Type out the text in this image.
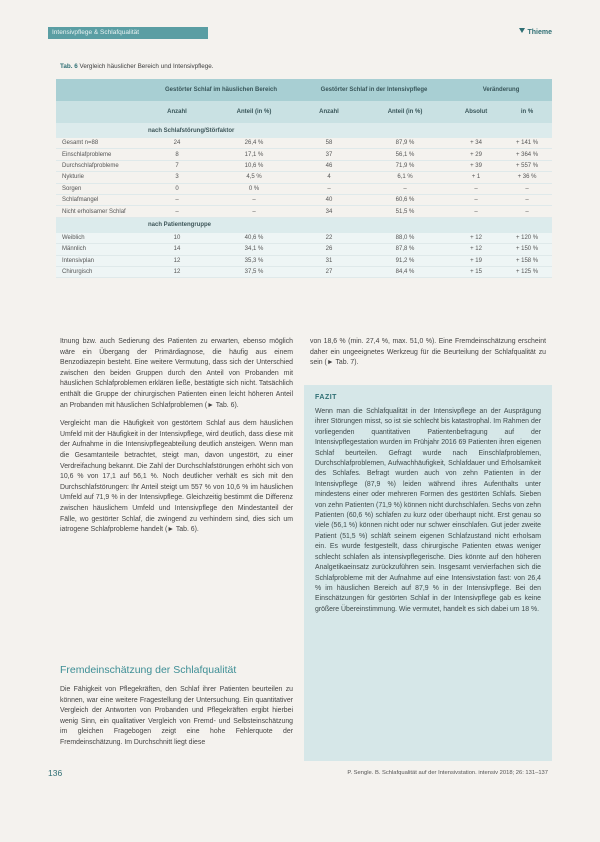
Intensivpflege & Schlafqualität	Thieme
Tab. 6 Vergleich häuslicher Bereich und Intensivpflege.
	Gestörter Schlaf im häuslichen Bereich		Gestörter Schlaf in der Intensivpflege		Veränderung	
	Anzahl	Anteil (in %)	Anzahl	Anteil (in %)	Absolut	in %
	nach Schlafstörung/Störfaktor					
Gesamt n=88	24	26,4 %	58	87,9 %	+ 34	+ 141 %
Einschlafprobleme	8	17,1 %	37	56,1 %	+ 29	+ 364 %
Durchschlafprobleme	7	10,6 %	46	71,9 %	+ 39	+ 557 %
Nykturie	3	4,5 %	4	6,1 %	+ 1	+ 36 %
Sorgen	0	0 %	–	–	–	–
Schlafmangel	–	–	40	60,6 %	–	–
Nicht erholsamer Schlaf	–	–	34	51,5 %	–	–
	nach Patientengruppe					
Weiblich	10	40,6 %	22	88,0 %	+ 12	+ 120 %
Männlich	14	34,1 %	26	87,8 %	+ 12	+ 150 %
Intensivplan	12	35,3 %	31	91,2 %	+ 19	+ 158 %
Chirurgisch	12	37,5 %	27	84,4 %	+ 15	+ 125 %

Itnung bzw. auch Sedierung des Patienten zu erwarten, ebenso möglich wäre ein Übergang der Primärdiagnose, die häufig aus einem Benzodiazepin besteht. Eine weitere Vermutung, dass sich der Unterschied zwischen den beiden Gruppen durch den Anteil von Probanden mit häuslichen Schlafproblemen erklären ließe, bestätigte sich nicht. Tatsächlich enthält die Gruppe der chirurgischen Patienten einen leicht höheren Anteil an Probanden mit häuslichen Schlafproblemen (► Tab. 6).

Vergleicht man die Häufigkeit von gestörtem Schlaf aus dem häuslichen Umfeld mit der Häufigkeit in der Intensivpflege, wird deutlich, dass diese mit der Aufnahme in die Intensivpflegeabteilung deutlich ansteigen. Wenn man die Gesamtanteile betrachtet, steigt man, davon ungestört, zu einer Verdreifachung bekannt. Die Zahl der Durchschlafstörungen erhöht sich von 10,6 % von 17,1 auf 56,1 %. Noch deutlicher verhält es sich mit den Durchschlafstörungen: Ihr Anteil steigt um 557 % von 10,6 % im häuslichen Umfeld auf 71,9 % in der Intensivpflege. Gleichzeitig bestimmt die Differenz zwischen häuslichem Umfeld und Intensivpflege den Mindestanteil der Fälle, wo gestörter Schlaf, die zwingend zu verhindern sind, dies sich um iatrogene Schlafprobleme handelt (► Tab. 6).

von 18,6 % (min. 27,4 %, max. 51,0 %). Eine Fremdeinschätzung erscheint daher ein ungeeignetes Werkzeug für die Beurteilung der Schlafqualität zu sein (► Tab. 7).

Fremdeinschätzung der Schlafqualität

Die Fähigkeit von Pflegekräften, den Schlaf ihrer Patienten beurteilen zu können, war eine weitere Fragestellung der Untersuchung. Ein quantitativer Vergleich der Antworten von Probanden und Pflegekräften ergibt hierbei wenig Sinn, ein qualitativer Vergleich von Fremd- und Selbsteinschätzung im gleichen Fragebogen zeigt eine hohe Fehlerquote der Fremdeinschätzung. Im Durchschnitt liegt diese

FAZIT
Wenn man die Schlafqualität in der Intensivpflege an der Ausprägung ihrer Störungen misst, so ist sie schlecht bis katastrophal. Im Rahmen der vorliegenden quantitativen Patientenbefragung auf der Intensivpflegestation wurden im Frühjahr 2016 69 Patienten ihren eigenen Schlaf beurteilen. Gefragt wurde nach Einschlafproblemen, Durchschlafproblemen, Aufwachhäufigkeit, Schlafdauer und Erholsamkeit des Schlafes. Befragt wurden auch von zehn Patienten in der Intensivpflege (87,9 %) leiden während ihres Aufenthalts unter mindestens einer oder mehreren Formen des gestörten Schlafs. Sieben von zehn Patienten (71,9 %) können nicht durchschlafen. Sechs von zehn Patienten (60,6 %) schlafen zu kurz oder überhaupt nicht. Erst genau so viele (56,1 %) können nicht oder nur schwer einschlafen. Gut jeder zweite Patient (51,5 %) schläft seinem eigenen Schlafzustand nicht erholsam ein. Es wurde festgestellt, dass chirurgische Patienten etwas weniger schlecht schlafen als intensivpflegerische. Dies könnte auf den höheren Analgetikaeinsatz zurückzuführen sein. Insgesamt vervierfachen sich die Schlafprobleme mit der Aufnahme auf eine Intensivstation fast: von 26,4 % im häuslichen Bereich auf 87,9 % in der Intensivpflege. Bei den Einschätzungen für gestörten Schlaf in der Intensivpflege gab es keine größere Übereinstimmung. Wie vermutet, handelt es sich dabei um 18 %.
136	P. Sengle. B. Schlafqualität auf der Intensivstation. intensiv 2018; 26: 131–137
